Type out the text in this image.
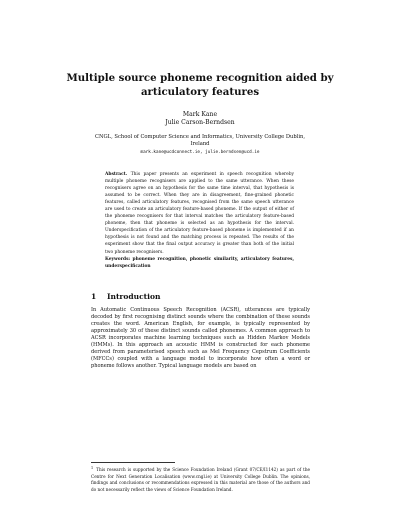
Multiple source phoneme recognition aided by articulatory features
Mark Kane
Julie Carson-Berndsen
CNGL, School of Computer Science and Informatics, University College Dublin, Ireland
mark.kane@ucdconnect.ie, julie.berndsen@ucd.ie
Abstract. This paper presents an experiment in speech recognition whereby multiple phoneme recognisers are applied to the same utterance. When these recognisers agree on an hypothesis for the same time interval, that hypothesis is assumed to be correct. When they are in disagreement, fine-grained phonetic features, called articulatory features, recognised from the same speech utterance are used to create an articulatory feature-based phoneme. If the output of either of the phoneme recognisers for that interval matches the articulatory feature-based phoneme, then that phoneme is selected as an hypothesis for the interval. Underspecification of the articulatory feature-based phoneme is implemented if an hypothesis is not found and the matching process is repeated. The results of the experiment show that the final output accuracy is greater than both of the initial two phoneme recognisers.
Keywords: phoneme recognition, phonetic similarity, articulatory features, underspecification
1 Introduction
In Automatic Continuous Speech Recognition (ACSR), utterances are typically decoded by first recognising distinct sounds where the combination of these sounds creates the word. American English, for example, is typically represented by approximately 30 of these distinct sounds called phonemes. A common approach to ACSR incorporates machine learning techniques such as Hidden Markov Models (HMMs). In this approach an acoustic HMM is constructed for each phoneme derived from parameterised speech such as Mel Frequency Cepstrum Coefficients (MFCCs) coupled with a language model to incorporate how often a word or phoneme follows another. Typical language models are based on
$^1$ This research is supported by the Science Foundation Ireland (Grant 07/CE/I1142) as part of the Centre for Next Generation Localisation (www.cngl.ie) at University College Dublin. The opinions, findings and conclusions or recommendations expressed in this material are those of the authors and do not necessarily reflect the views of Science Foundation Ireland.
